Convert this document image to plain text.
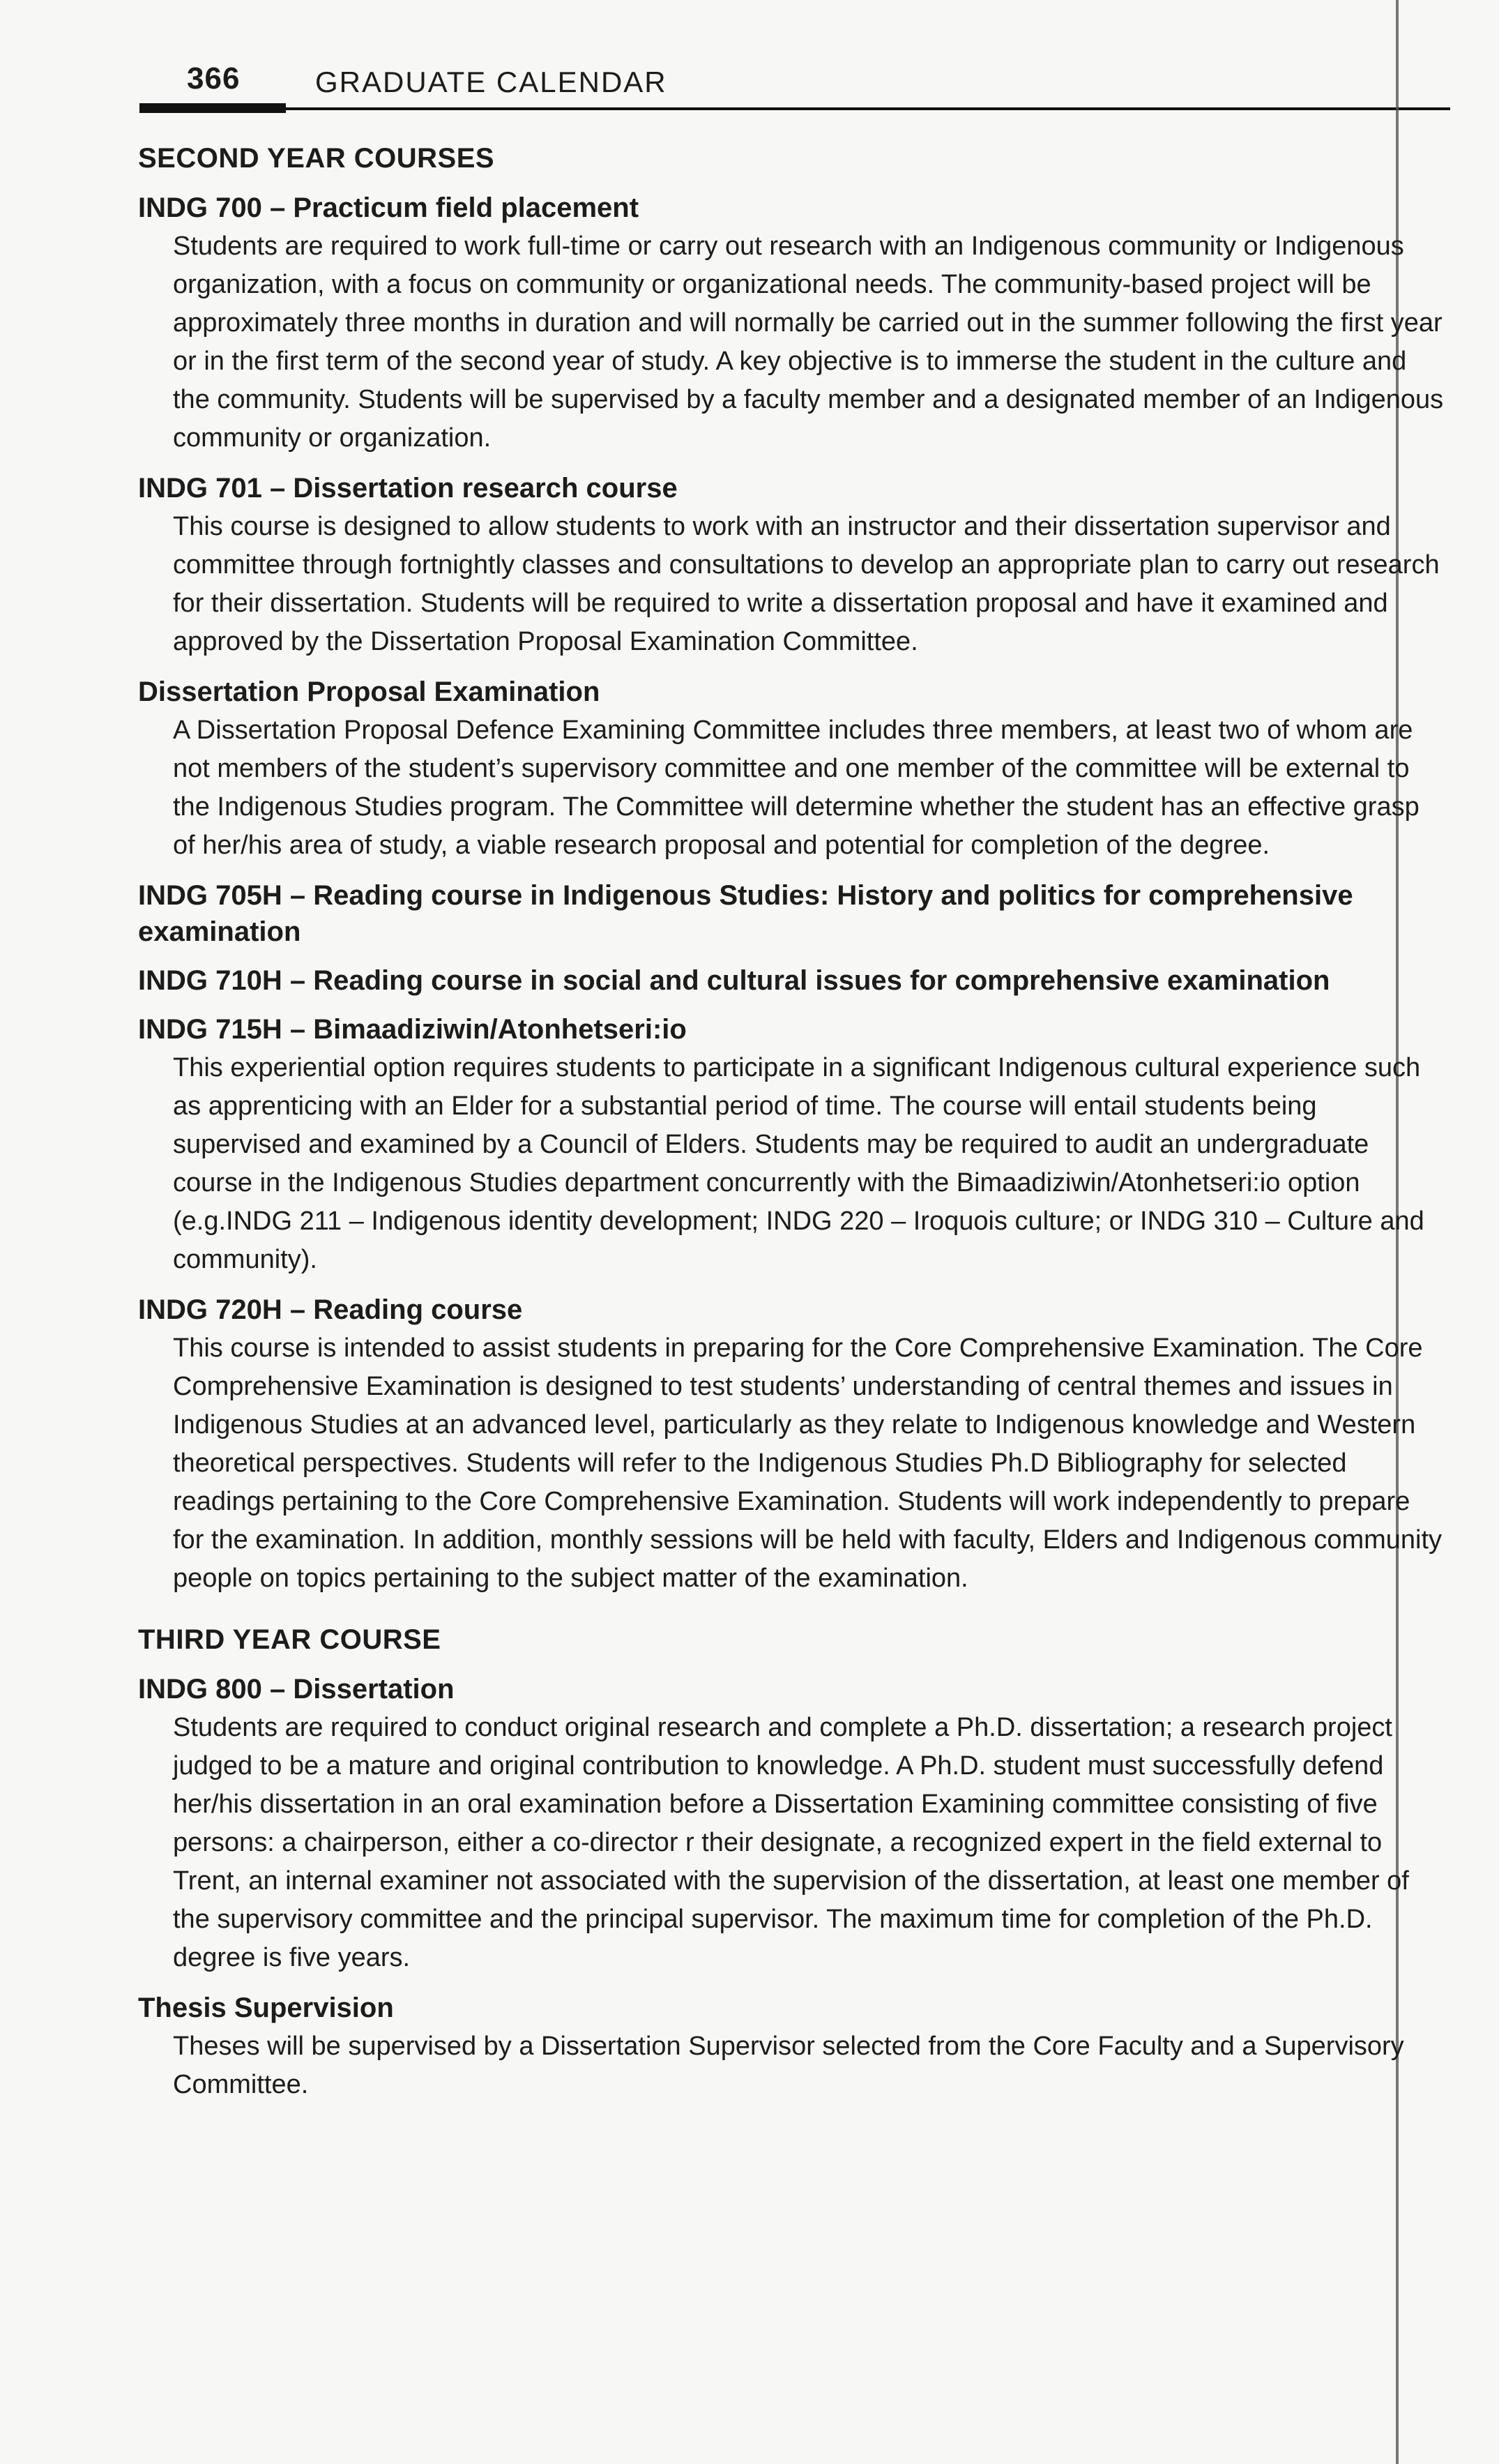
366	GRADUATE CALENDAR
SECOND YEAR COURSES

INDG 700 – Practicum field placement

Students are required to work full-time or carry out research with an Indigenous community or Indigenous organization, with a focus on community or organizational needs. The community-based project will be approximately three months in duration and will normally be carried out in the summer following the first year or in the first term of the second year of study. A key objective is to immerse the student in the culture and the community. Students will be supervised by a faculty member and a designated member of an Indigenous community or organization.

INDG 701 – Dissertation research course

This course is designed to allow students to work with an instructor and their dissertation supervisor and committee through fortnightly classes and consultations to develop an appropriate plan to carry out research for their dissertation. Students will be required to write a dissertation proposal and have it examined and approved by the Dissertation Proposal Examination Committee.

Dissertation Proposal Examination

A Dissertation Proposal Defence Examining Committee includes three members, at least two of whom are not members of the student’s supervisory committee and one member of the committee will be external to the Indigenous Studies program. The Committee will determine whether the student has an effective grasp of her/his area of study, a viable research proposal and potential for completion of the degree.

INDG 705H – Reading course in Indigenous Studies: History and politics for comprehensive examination

INDG 710H – Reading course in social and cultural issues for comprehensive examination

INDG 715H – Bimaadiziwin/Atonhetseri:io

This experiential option requires students to participate in a significant Indigenous cultural experience such as apprenticing with an Elder for a substantial period of time. The course will entail students being supervised and examined by a Council of Elders. Students may be required to audit an undergraduate course in the Indigenous Studies department concurrently with the Bimaadiziwin/Atonhetseri:io option (e.g.INDG 211 – Indigenous identity development; INDG 220 – Iroquois culture; or INDG 310 – Culture and community).

INDG 720H – Reading course

This course is intended to assist students in preparing for the Core Comprehensive Examination. The Core Comprehensive Examination is designed to test students’ understanding of central themes and issues in Indigenous Studies at an advanced level, particularly as they relate to Indigenous knowledge and Western theoretical perspectives. Students will refer to the Indigenous Studies Ph.D Bibliography for selected readings pertaining to the Core Comprehensive Examination. Students will work independently to prepare for the examination. In addition, monthly sessions will be held with faculty, Elders and Indigenous community people on topics pertaining to the subject matter of the examination.

THIRD YEAR COURSE

INDG 800 – Dissertation

Students are required to conduct original research and complete a Ph.D. dissertation; a research project judged to be a mature and original contribution to knowledge. A Ph.D. student must successfully defend her/his dissertation in an oral examination before a Dissertation Examining committee consisting of five persons: a chairperson, either a co-director r their designate, a recognized expert in the field external to Trent, an internal examiner not associated with the supervision of the dissertation, at least one member of the supervisory committee and the principal supervisor. The maximum time for completion of the Ph.D. degree is five years.

Thesis Supervision

Theses will be supervised by a Dissertation Supervisor selected from the Core Faculty and a Supervisory Committee.
